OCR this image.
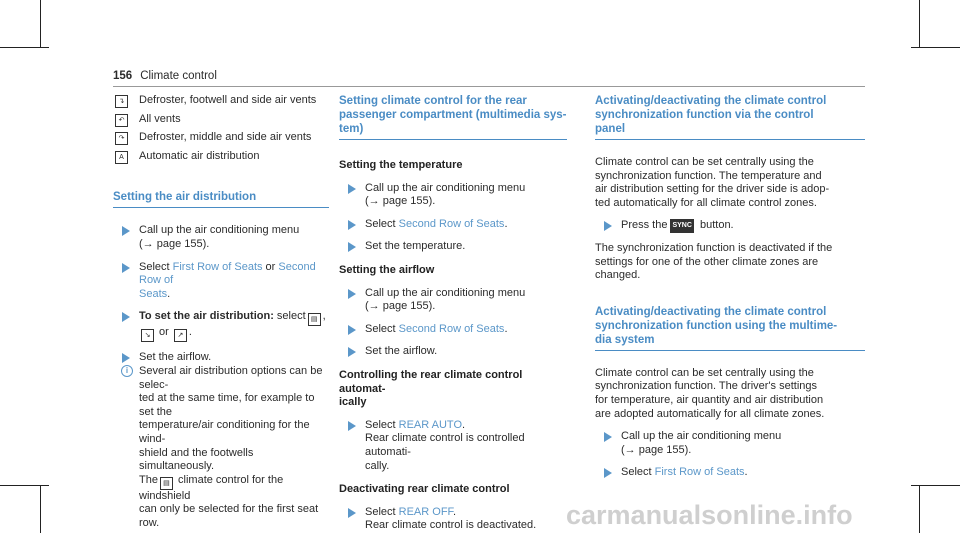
156 Climate control
↴	Defroster, footwell and side air vents
↶	All vents
↷	Defroster, middle and side air vents
A	Automatic air distribution
Setting the air distribution

Call up the air conditioning menu

(→ page 155).

Select First Row of Seats or Second Row of

Seats.

To set the air distribution: select ▤ ,

↘ or ↗ .

Set the airflow.

i Several air distribution options can be selec-

ted at the same time, for example to set the

temperature/air conditioning for the wind-

shield and the footwells simultaneously.

The ▤ climate control for the windshield

can only be selected for the first seat row.

Setting climate control for the rear

passenger compartment (multimedia sys-

tem)

Setting the temperature

Call up the air conditioning menu

(→ page 155).

Select Second Row of Seats.

Set the temperature.

Setting the airflow

Call up the air conditioning menu

(→ page 155).

Select Second Row of Seats.

Set the airflow.

Controlling the rear climate control automat-

ically

Select REAR AUTO.

Rear climate control is controlled automati-

cally.

Deactivating rear climate control

Select REAR OFF.

Rear climate control is deactivated.

Activating/deactivating the climate control

synchronization function via the control

panel

Climate control can be set centrally using the

synchronization function. The temperature and

air distribution setting for the driver side is adop-

ted automatically for all climate control zones.

Press the SYNC button.

The synchronization function is deactivated if the

settings for one of the other climate zones are

changed.

Activating/deactivating the climate control

synchronization function using the multime-

dia system

Climate control can be set centrally using the

synchronization function. The driver's settings

for temperature, air quantity and air distribution

are adopted automatically for all climate zones.

Call up the air conditioning menu

(→ page 155).

Select First Row of Seats.

carmanualsonline.info
